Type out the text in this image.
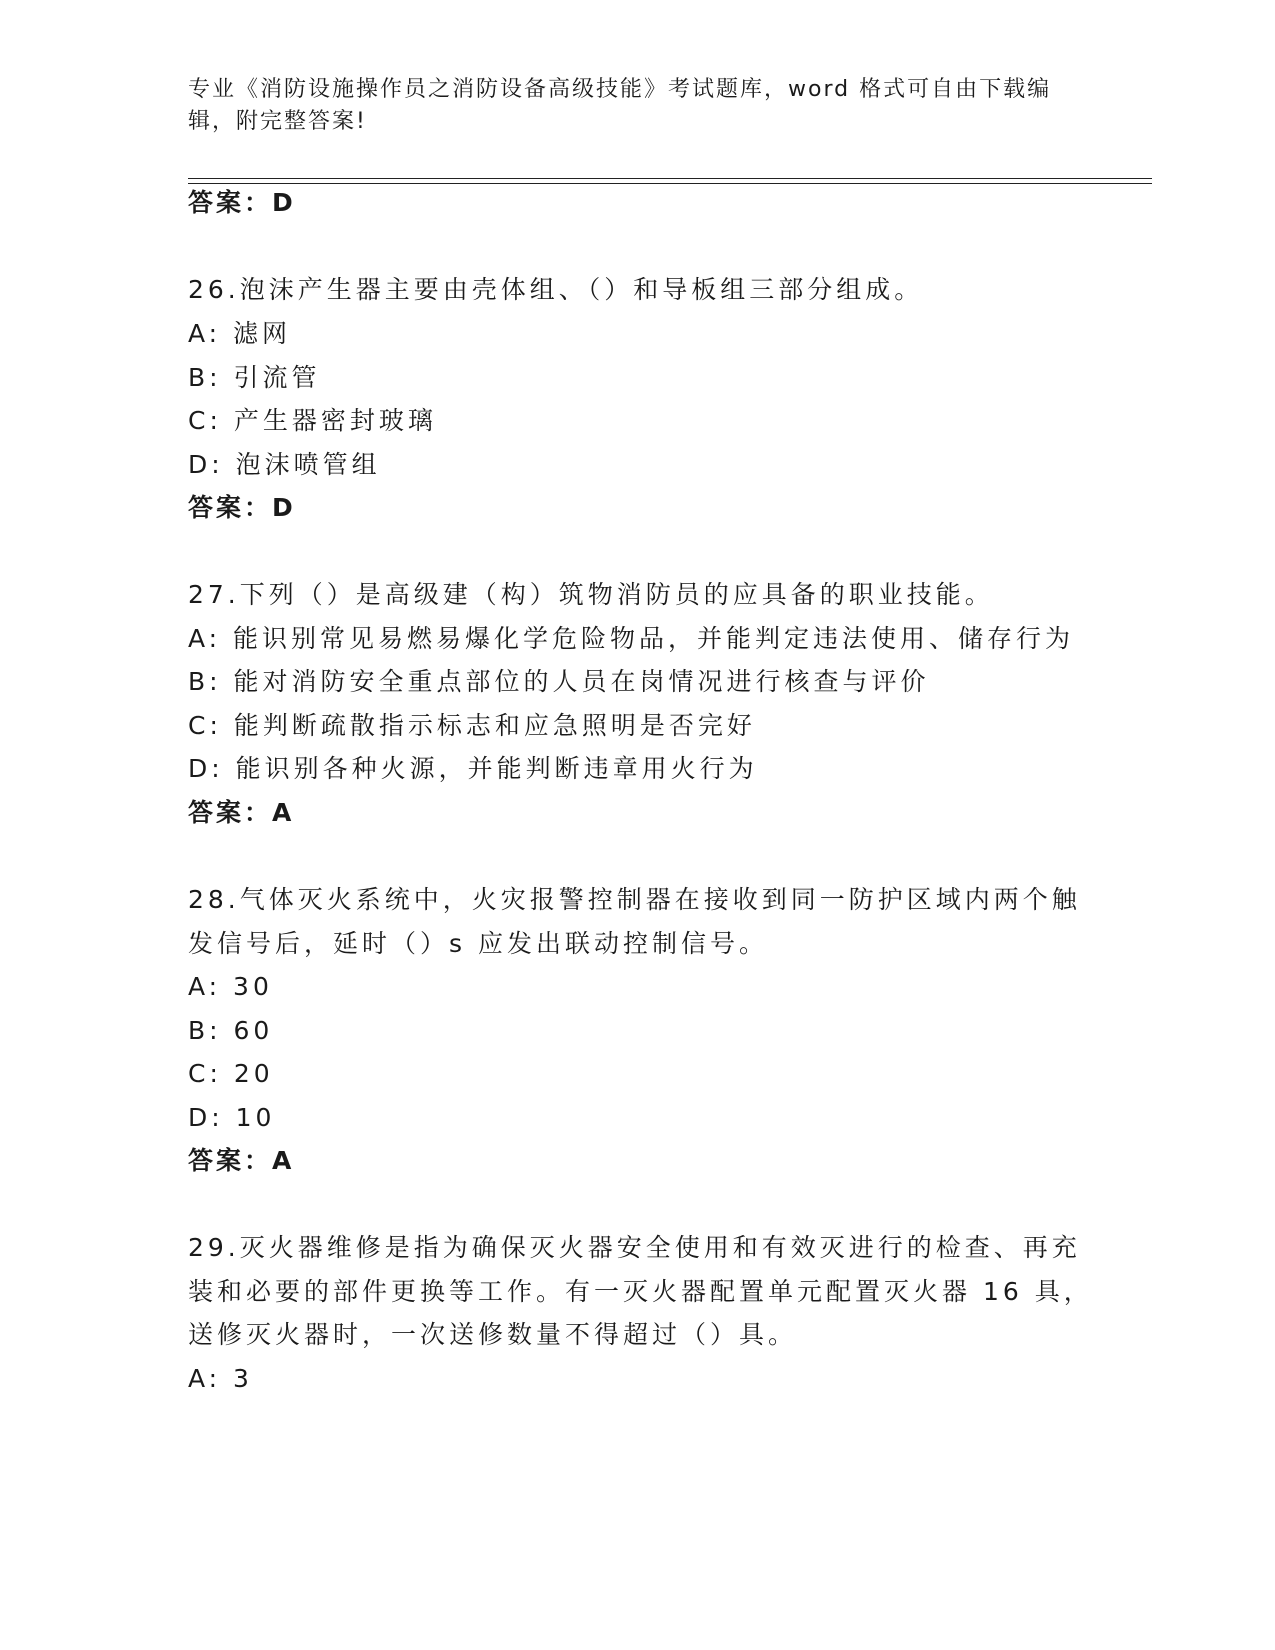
专业《消防设施操作员之消防设备高级技能》考试题库，word 格式可自由下载编
辑，附完整答案!
答案：D
26.泡沫产生器主要由壳体组、（）和导板组三部分组成。
A: 滤网
B: 引流管
C: 产生器密封玻璃
D: 泡沫喷管组
答案：D
27.下列（）是高级建（构）筑物消防员的应具备的职业技能。
A: 能识别常见易燃易爆化学危险物品，并能判定违法使用、储存行为
B: 能对消防安全重点部位的人员在岗情况进行核查与评价
C: 能判断疏散指示标志和应急照明是否完好
D: 能识别各种火源，并能判断违章用火行为
答案：A
28.气体灭火系统中，火灾报警控制器在接收到同一防护区域内两个触
发信号后，延时（）s 应发出联动控制信号。
A: 30
B: 60
C: 20
D: 10
答案：A
29.灭火器维修是指为确保灭火器安全使用和有效灭进行的检查、再充
装和必要的部件更换等工作。有一灭火器配置单元配置灭火器 16 具，
送修灭火器时，一次送修数量不得超过（）具。
A: 3
